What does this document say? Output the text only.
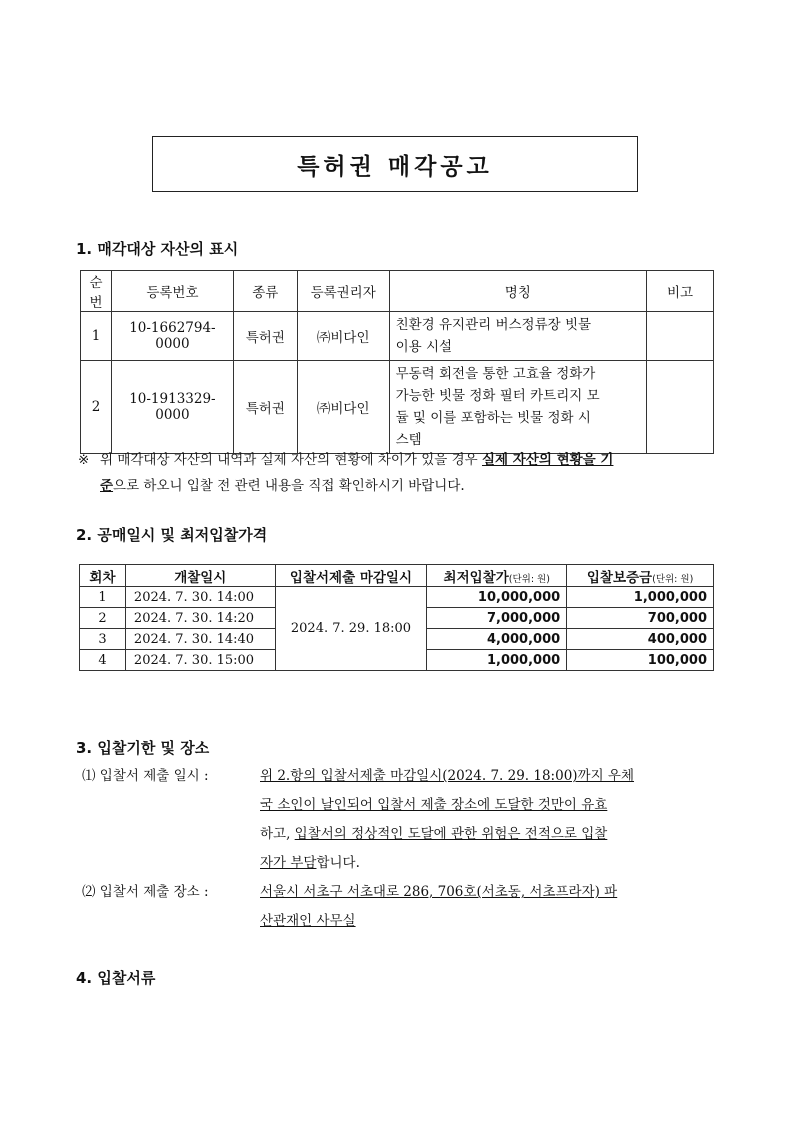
특허권 매각공고
1. 매각대상 자산의 표시
순번	등록번호	종류	등록권리자	명칭	비고
1	10-1662794-0000	특허권	㈜비다인	친환경 유지관리 버스정류장 빗물
이용 시설	

2	10-1913329-0000	특허권	㈜비다인	무동력 회전을 통한 고효율 정화가
가능한 빗물 정화 필터 카트리지 모
듈 및 이를 포함하는 빗물 정화 시
스템	

※ 위 매각대상 자산의 내역과 실제 자산의 현황에 차이가 있을 경우 실제 자산의 현황을 기
준으로 하오니 입찰 전 관련 내용을 직접 확인하시기 바랍니다.
2. 공매일시 및 최저입찰가격
회차	개찰일시	입찰서제출 마감일시	최저입찰가(단위: 원)	입찰보증금(단위: 원)
1	2024. 7. 30. 14:00	2024. 7. 29. 18:00	10,000,000	1,000,000
2	2024. 7. 30. 14:20		7,000,000	700,000
3	2024. 7. 30. 14:40		4,000,000	400,000
4	2024. 7. 30. 15:00		1,000,000	100,000
3. 입찰기한 및 장소
⑴ 입찰서 제출 일시 :	위 2.항의 입찰서제출 마감일시(2024. 7. 29. 18:00)까지 우체
국 소인이 날인되어 입찰서 제출 장소에 도달한 것만이 유효
하고, 입찰서의 정상적인 도달에 관한 위험은 전적으로 입찰
자가 부담합니다.
⑵ 입찰서 제출 장소 :	서울시 서초구 서초대로 286, 706호(서초동, 서초프라자) 파
산관재인 사무실
4. 입찰서류
